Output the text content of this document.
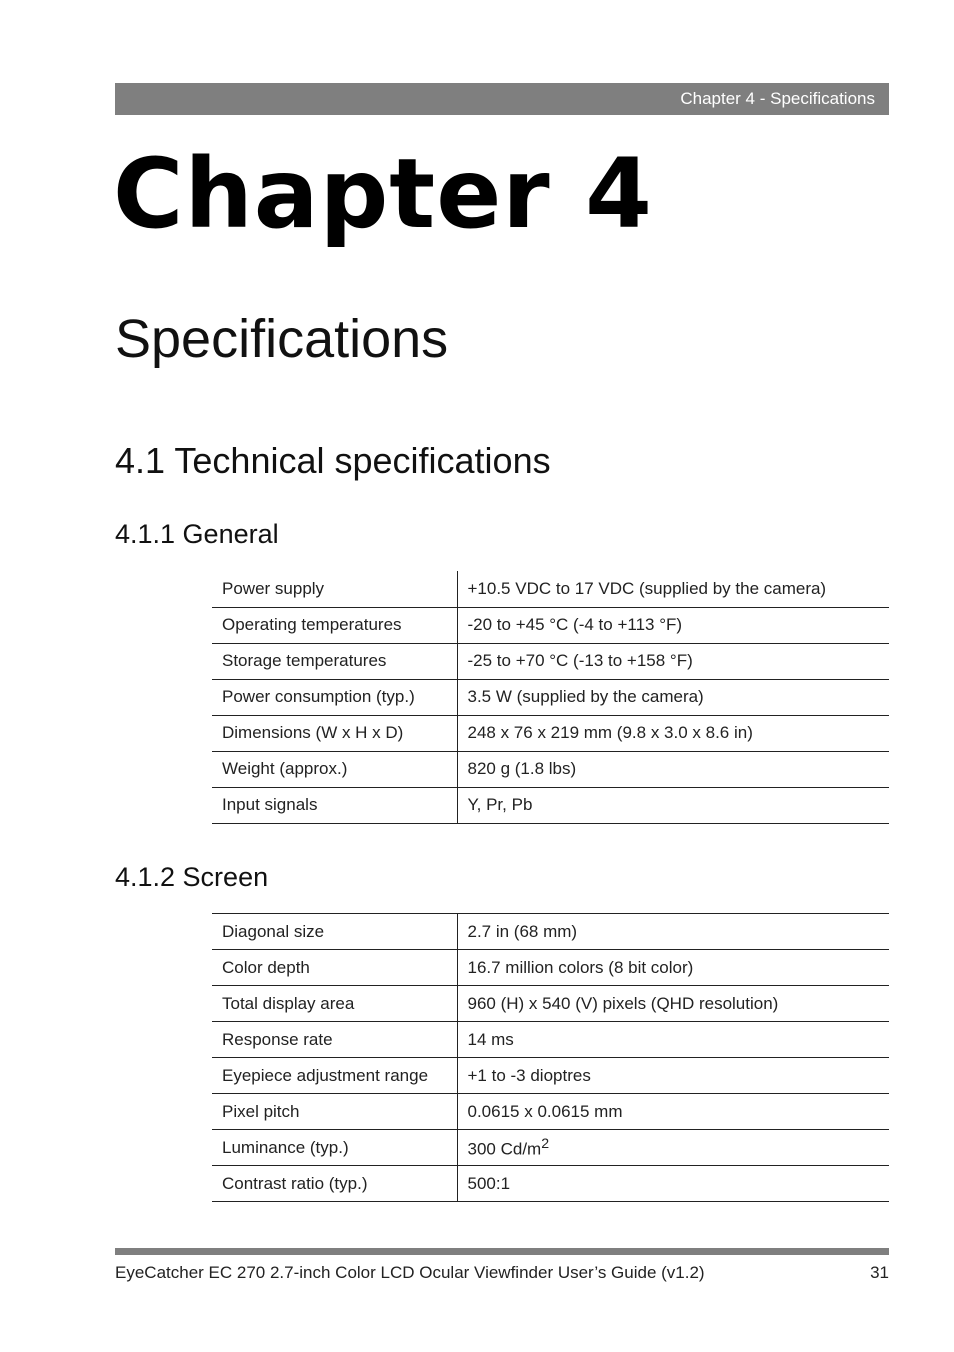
Chapter 4 - Specifications
Chapter 4
Specifications
4.1 Technical specifications
4.1.1 General
Power supply	+10.5 VDC to 17 VDC (supplied by the camera)
Operating temperatures	-20 to +45 °C (-4 to +113 °F)
Storage temperatures	-25 to +70 °C (-13 to +158 °F)
Power consumption (typ.)	3.5 W (supplied by the camera)
Dimensions (W x H x D)	248 x 76 x 219 mm (9.8 x 3.0 x 8.6 in)
Weight (approx.)	820 g (1.8 lbs)
Input signals	Y, Pr, Pb
4.1.2 Screen
Diagonal size	2.7 in (68 mm)
Color depth	16.7 million colors (8 bit color)
Total display area	960 (H) x 540 (V) pixels (QHD resolution)
Response rate	14 ms
Eyepiece adjustment range	+1 to -3 dioptres
Pixel pitch	0.0615 x 0.0615 mm
Luminance (typ.)	300 $Cd/m^2$
Contrast ratio (typ.)	500:1
EyeCatcher EC 270 2.7-inch Color LCD Ocular Viewfinder User’s Guide (v1.2)	31
